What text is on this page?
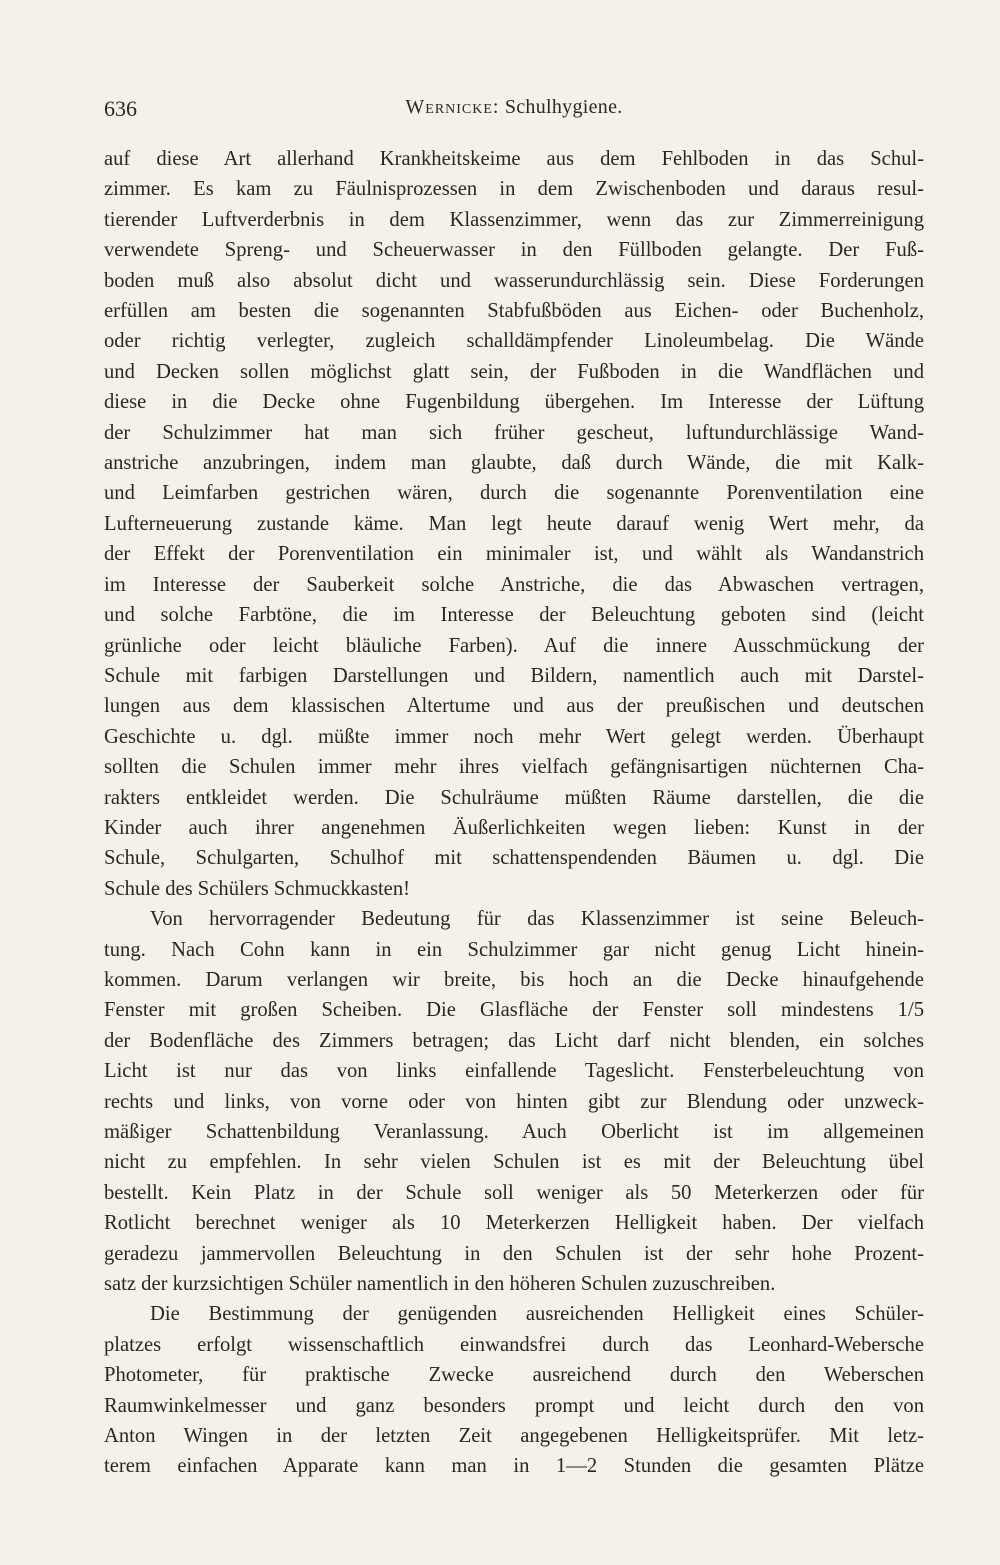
636	Wernicke: Schulhygiene.
auf diese Art allerhand Krankheitskeime aus dem Fehlboden in das Schul-
zimmer. Es kam zu Fäulnisprozessen in dem Zwischenboden und daraus resul-
tierender Luftverderbnis in dem Klassenzimmer, wenn das zur Zimmerreinigung
verwendete Spreng- und Scheuerwasser in den Füllboden gelangte. Der Fuß-
boden muß also absolut dicht und wasserundurchlässig sein. Diese Forderungen
erfüllen am besten die sogenannten Stabfußböden aus Eichen- oder Buchenholz,
oder richtig verlegter, zugleich schalldämpfender Linoleumbelag. Die Wände
und Decken sollen möglichst glatt sein, der Fußboden in die Wandflächen und
diese in die Decke ohne Fugenbildung übergehen. Im Interesse der Lüftung
der Schulzimmer hat man sich früher gescheut, luftundurchlässige Wand-
anstriche anzubringen, indem man glaubte, daß durch Wände, die mit Kalk-
und Leimfarben gestrichen wären, durch die sogenannte Porenventilation eine
Lufterneuerung zustande käme. Man legt heute darauf wenig Wert mehr, da
der Effekt der Porenventilation ein minimaler ist, und wählt als Wandanstrich
im Interesse der Sauberkeit solche Anstriche, die das Abwaschen vertragen,
und solche Farbtöne, die im Interesse der Beleuchtung geboten sind (leicht
grünliche oder leicht bläuliche Farben). Auf die innere Ausschmückung der
Schule mit farbigen Darstellungen und Bildern, namentlich auch mit Darstel-
lungen aus dem klassischen Altertume und aus der preußischen und deutschen
Geschichte u. dgl. müßte immer noch mehr Wert gelegt werden. Überhaupt
sollten die Schulen immer mehr ihres vielfach gefängnisartigen nüchternen Cha-
rakters entkleidet werden. Die Schulräume müßten Räume darstellen, die die
Kinder auch ihrer angenehmen Äußerlichkeiten wegen lieben: Kunst in der
Schule, Schulgarten, Schulhof mit schattenspendenden Bäumen u. dgl. Die
Schule des Schülers Schmuckkasten!
Von hervorragender Bedeutung für das Klassenzimmer ist seine Beleuch-
tung. Nach Cohn kann in ein Schulzimmer gar nicht genug Licht hinein-
kommen. Darum verlangen wir breite, bis hoch an die Decke hinaufgehende
Fenster mit großen Scheiben. Die Glasfläche der Fenster soll mindestens 1/5
der Bodenfläche des Zimmers betragen; das Licht darf nicht blenden, ein solches
Licht ist nur das von links einfallende Tageslicht. Fensterbeleuchtung von
rechts und links, von vorne oder von hinten gibt zur Blendung oder unzweck-
mäßiger Schattenbildung Veranlassung. Auch Oberlicht ist im allgemeinen
nicht zu empfehlen. In sehr vielen Schulen ist es mit der Beleuchtung übel
bestellt. Kein Platz in der Schule soll weniger als 50 Meterkerzen oder für
Rotlicht berechnet weniger als 10 Meterkerzen Helligkeit haben. Der vielfach
geradezu jammervollen Beleuchtung in den Schulen ist der sehr hohe Prozent-
satz der kurzsichtigen Schüler namentlich in den höheren Schulen zuzuschreiben.
Die Bestimmung der genügenden ausreichenden Helligkeit eines Schüler-
platzes erfolgt wissenschaftlich einwandsfrei durch das Leonhard-Webersche
Photometer, für praktische Zwecke ausreichend durch den Weberschen
Raumwinkelmesser und ganz besonders prompt und leicht durch den von
Anton Wingen in der letzten Zeit angegebenen Helligkeitsprüfer. Mit letz-
terem einfachen Apparate kann man in 1—2 Stunden die gesamten Plätze
